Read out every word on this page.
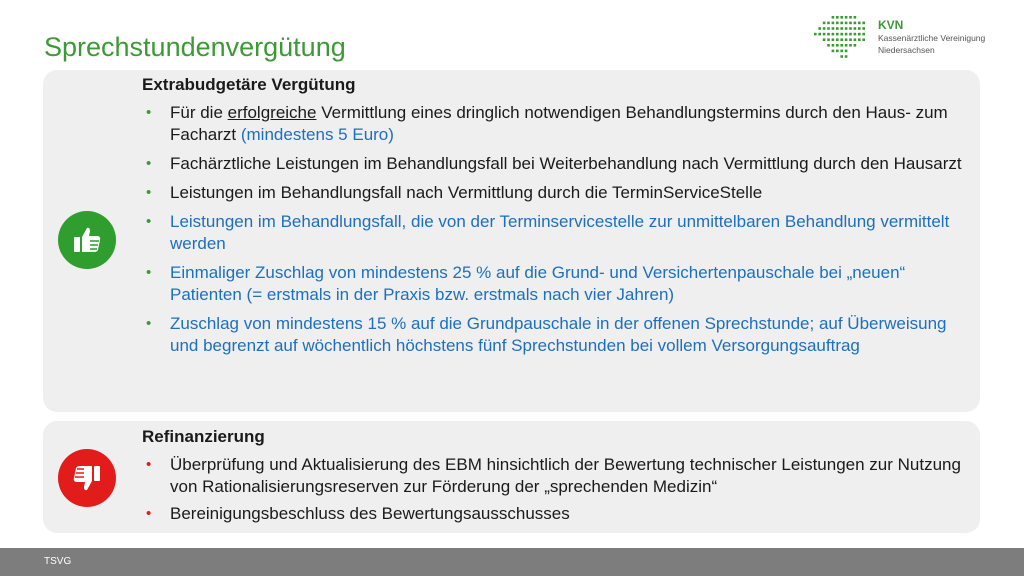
Sprechstundenvergütung
KVN
Kassenärztliche Vereinigung
Niedersachsen
Extrabudgetäre Vergütung
• Für die erfolgreiche Vermittlung eines dringlich notwendigen Behandlungstermins durch den Haus- zum Facharzt (mindestens 5 Euro)
• Fachärztliche Leistungen im Behandlungsfall bei Weiterbehandlung nach Vermittlung durch den Hausarzt
• Leistungen im Behandlungsfall nach Vermittlung durch die TerminServiceStelle
• Leistungen im Behandlungsfall, die von der Terminservicestelle zur unmittelbaren Behandlung vermittelt werden
• Einmaliger Zuschlag von mindestens 25 % auf die Grund- und Versichertenpauschale bei „neuen“ Patienten (= erstmals in der Praxis bzw. erstmals nach vier Jahren)
• Zuschlag von mindestens 15 % auf die Grundpauschale in der offenen Sprechstunde; auf Überweisung und begrenzt auf wöchentlich höchstens fünf Sprechstunden bei vollem Versorgungsauftrag
Refinanzierung
• Überprüfung und Aktualisierung des EBM hinsichtlich der Bewertung technischer Leistungen zur Nutzung von Rationalisierungsreserven zur Förderung der „sprechenden Medizin“
• Bereinigungsbeschluss des Bewertungsausschusses
TSVG
